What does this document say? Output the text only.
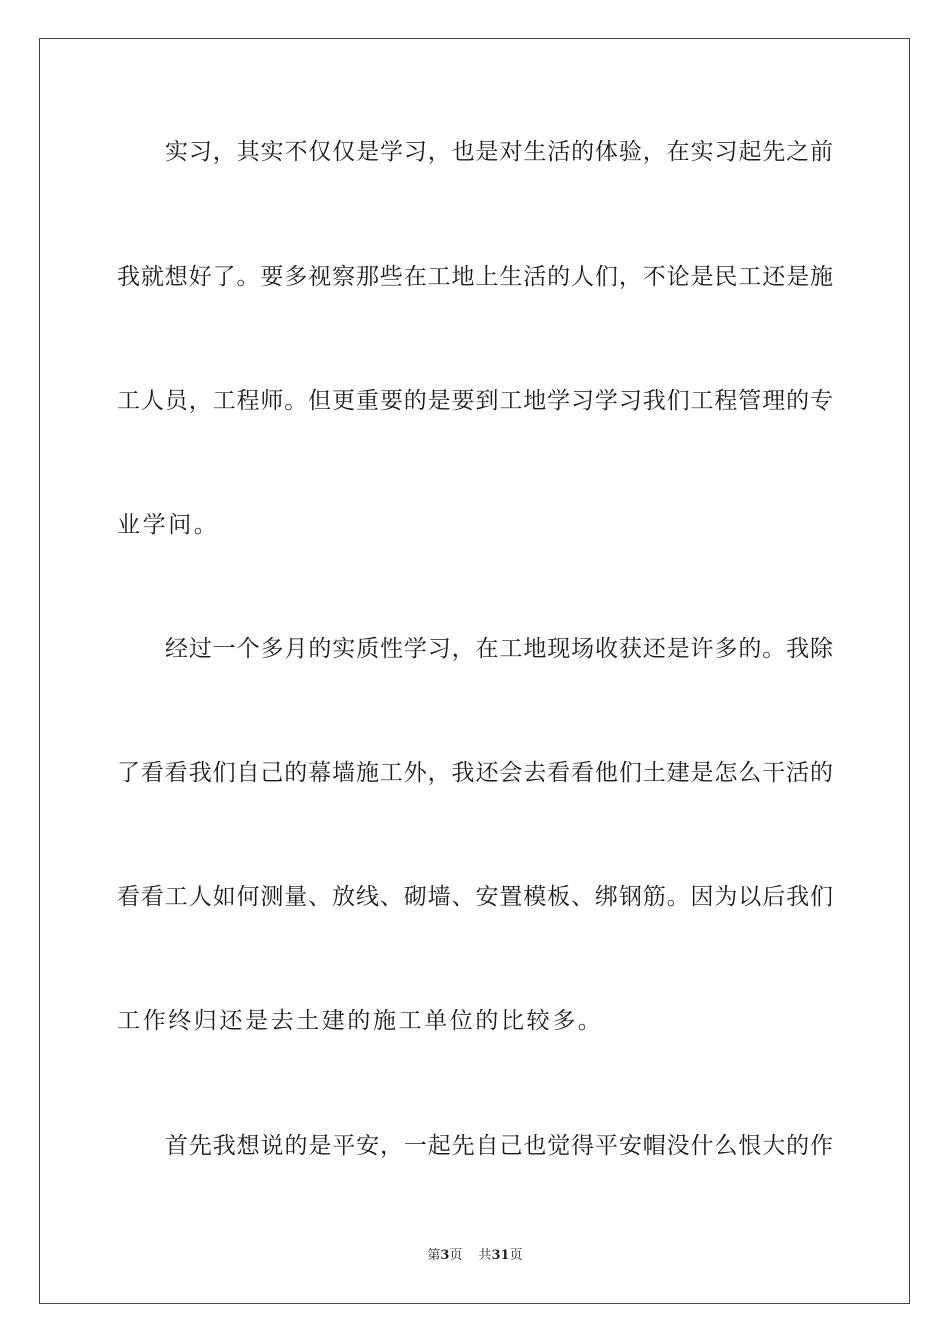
实习，其实不仅仅是学习，也是对生活的体验，在实习起先之前
我就想好了。要多视察那些在工地上生活的人们，不论是民工还是施
工人员，工程师。但更重要的是要到工地学习学习我们工程管理的专
业学问。
经过一个多月的实质性学习，在工地现场收获还是许多的。我除
了看看我们自己的幕墙施工外，我还会去看看他们土建是怎么干活的
看看工人如何测量、放线、砌墙、安置模板、绑钢筋。因为以后我们
工作终归还是去土建的施工单位的比较多。
首先我想说的是平安，一起先自己也觉得平安帽没什么恨大的作
第3页 共31页
